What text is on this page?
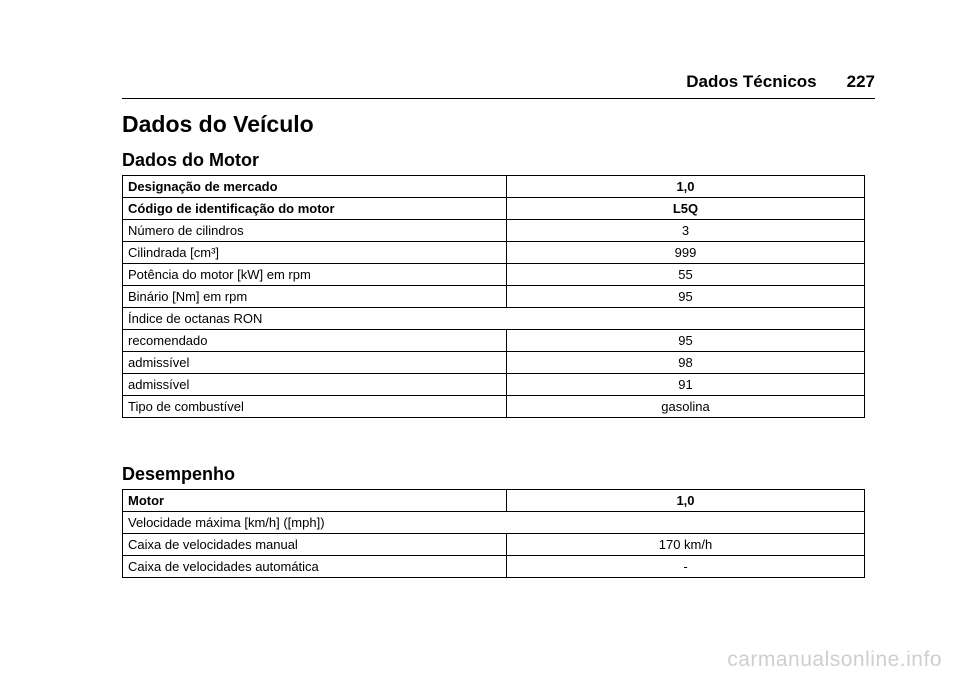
Dados Técnicos 227
Dados do Veículo
Dados do Motor
Designação de mercado	1,0
Código de identificação do motor	L5Q
Número de cilindros	3
Cilindrada [cm³]	999
Potência do motor [kW] em rpm	55
Binário [Nm] em rpm	95
Índice de octanas RON	
recomendado	95
admissível	98
admissível	91
Tipo de combustível	gasolina
Desempenho
Motor	1,0
Velocidade máxima [km/h] ([mph])	
Caixa de velocidades manual	170 km/h
Caixa de velocidades automática	-
carmanualsonline.info
